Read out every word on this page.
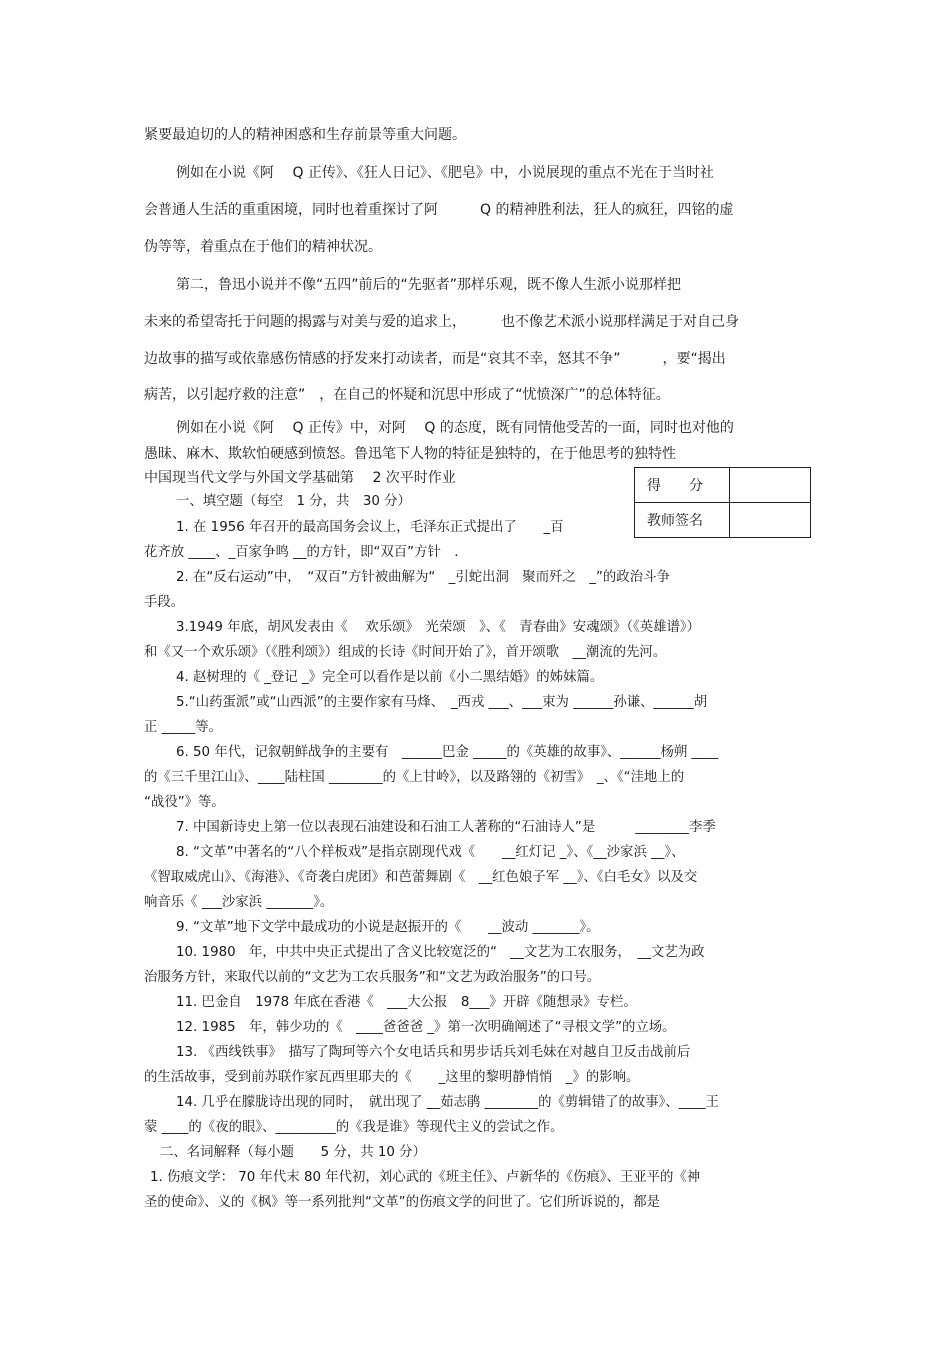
紧要最迫切的人的精神困惑和生存前景等重大问题。
例如在小说《阿　 Q 正传》、《狂人日记》、《肥皂》中，小说展现的重点不光在于当时社
会普通人生活的重重困境，同时也着重探讨了阿　　　Q 的精神胜利法，狂人的疯狂，四铭的虚
伪等等，着重点在于他们的精神状况。
第二，鲁迅小说并不像“五四”前后的“先驱者”那样乐观，既不像人生派小说那样把
未来的希望寄托于问题的揭露与对美与爱的追求上，　　　也不像艺术派小说那样满足于对自己身
边故事的描写或依靠感伤情感的抒发来打动读者，而是“哀其不幸，怒其不争”　　　，要“揭出
病苦，以引起疗救的注意”　，在自己的怀疑和沉思中形成了“忧愤深广”的总体特征。
例如在小说《阿　 Q 正传》中，对阿　 Q 的态度，既有同情他受苦的一面，同时也对他的
愚昧、麻木、欺软怕硬感到愤怒。鲁迅笔下人物的特征是独特的，在于他思考的独特性
中国现当代文学与外国文学基础第　 2 次平时作业	得　　分	
教师签名	
一、填空题（每空　1 分，共　30 分）
1. 在 1956 年召开的最高国务会议上，毛泽东正式提出了　　_百
花齐放 ____、_百家争鸣 __的方针，即“双百”方针　.
2. 在“反右运动”中，　“双百”方针被曲解为“　_引蛇出洞　聚而歼之　_”的政治斗争
手段。
3.1949 年底，胡风发表由《　 欢乐颂》　光荣颂　》、《　青春曲》安魂颂》（《英雄谱》）
和《又一个欢乐颂》（《胜利颂》）组成的长诗《时间开始了》，首开颂歌　__潮流的先河。
4. 赵树理的《 _登记 _》完全可以看作是以前《小二黑结婚》的姊妹篇。
5.“山药蛋派”或“山西派”的主要作家有马烽、　_西戎 ___、___束为 ______孙谦、______胡
正 _____等。
6. 50 年代，记叙朝鲜战争的主要有　______巴金 _____的《英雄的故事》、______杨朔 ____
的《三千里江山》、____陆柱国 ________的《上甘岭》，以及路翎的《初雪》　_、《“洼地上的
“战役”》等。
7. 中国新诗史上第一位以表现石油建设和石油工人著称的“石油诗人”是　　　________李季
8. “文革”中著名的“八个样板戏”是指京剧现代戏《　　__红灯记 _》、《__沙家浜 __》、
《智取威虎山》、《海港》、《奇袭白虎团》和芭蕾舞剧《　__红色娘子军 __》、《白毛女》以及交
响音乐《 ___沙家浜 _______》。
9. “文革”地下文学中最成功的小说是赵振开的《　　__波动 _______》。
10. 1980　年，中共中央正式提出了含义比较宽泛的“　__文艺为工农服务，　__文艺为政
治服务方针，来取代以前的“文艺为工农兵服务”和“文艺为政治服务”的口号。
11. 巴金自　1978 年底在香港《　___大公报　8___》开辟《随想录》专栏。
12. 1985　年，韩少功的《　____爸爸爸 _》第一次明确阐述了“寻根文学”的立场。
13. 《西线铁事》　描写了陶珂等六个女电话兵和男步话兵刘毛妹在对越自卫反击战前后
的生活故事，受到前苏联作家瓦西里耶夫的《　　_这里的黎明静悄悄　_》的影响。
14. 几乎在朦胧诗出现的同时，　就出现了 __茹志鹃 ________的《剪辑错了的故事》、____王
蒙 ____的《夜的眼》、_________的《我是谁》等现代主义的尝试之作。
二、名词解释（每小题　　5 分，共 10 分）
1. 伤痕文学： 70 年代末 80 年代初，刘心武的《班主任》、卢新华的《伤痕》、王亚平的《神
圣的使命》、义的《枫》等一系列批判“文革”的伤痕文学的问世了。它们所诉说的，都是
